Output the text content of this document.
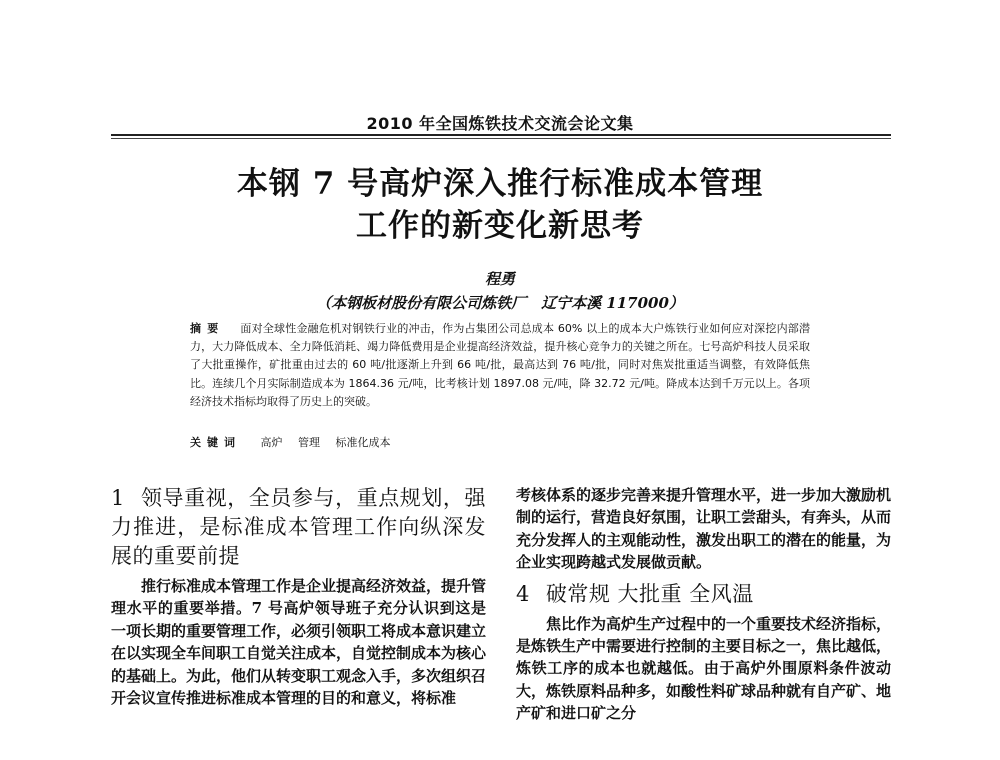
2010 年全国炼铁技术交流会论文集
本钢 7 号高炉深入推行标准成本管理
工作的新变化新思考
程勇
（本钢板材股份有限公司炼铁厂　辽宁本溪 117000）
摘要 面对全球性金融危机对钢铁行业的冲击，作为占集团公司总成本 60% 以上的成本大户炼铁行业如何应对深挖内部潜力，大力降低成本、全力降低消耗、竭力降低费用是企业提高经济效益，提升核心竞争力的关键之所在。七号高炉科技人员采取了大批重操作，矿批重由过去的 60 吨/批逐渐上升到 66 吨/批，最高达到 76 吨/批，同时对焦炭批重适当调整，有效降低焦比。连续几个月实际制造成本为 1864.36 元/吨，比考核计划 1897.08 元/吨，降 32.72 元/吨。降成本达到千万元以上。各项经济技术指标均取得了历史上的突破。
关键词 高炉 管理 标准化成本
1 领导重视，全员参与，重点规划，强力推进，是标准成本管理工作向纵深发展的重要前提

推行标准成本管理工作是企业提高经济效益，提升管理水平的重要举措。7 号高炉领导班子充分认识到这是一项长期的重要管理工作，必须引领职工将成本意识建立在以实现全车间职工自觉关注成本，自觉控制成本为核心的基础上。为此，他们从转变职工观念入手，多次组织召开会议宣传推进标准成本管理的目的和意义，将标准

考核体系的逐步完善来提升管理水平，进一步加大激励机制的运行，营造良好氛围，让职工尝甜头，有奔头，从而充分发挥人的主观能动性，激发出职工的潜在的能量，为企业实现跨越式发展做贡献。

4 破常规 大批重 全风温

焦比作为高炉生产过程中的一个重要技术经济指标，是炼铁生产中需要进行控制的主要目标之一，焦比越低，炼铁工序的成本也就越低。由于高炉外围原料条件波动大，炼铁原料品种多，如酸性料矿球品种就有自产矿、地产矿和进口矿之分
